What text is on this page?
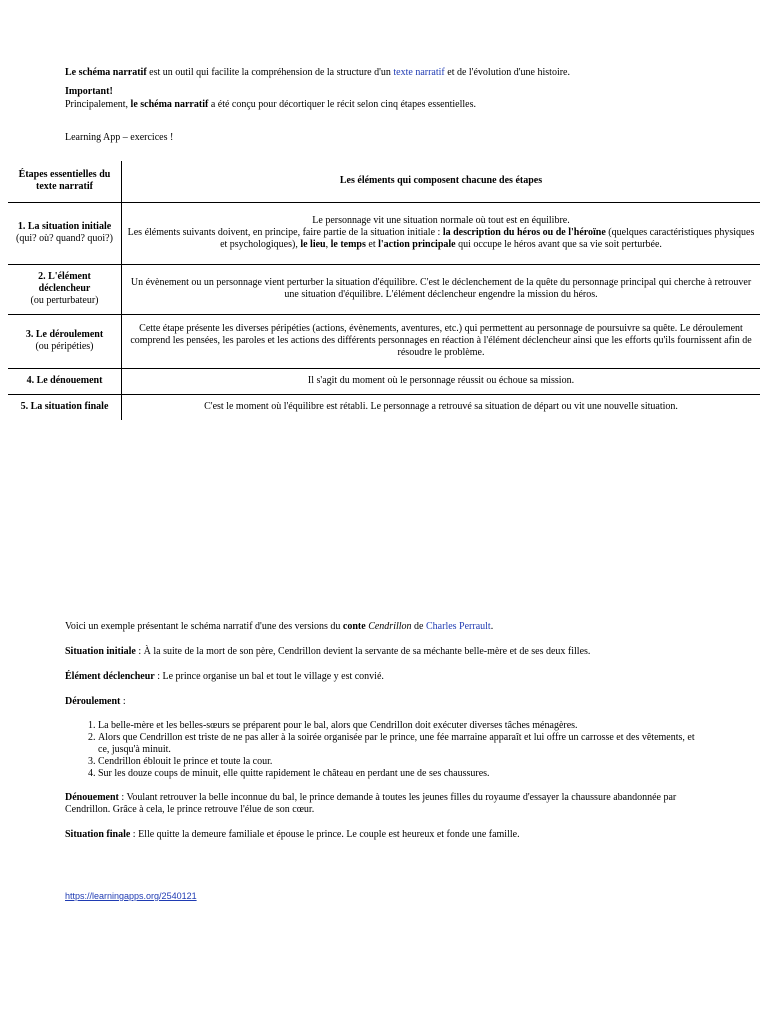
Le schéma narratif est un outil qui facilite la compréhension de la structure d'un texte narratif et de l'évolution d'une histoire.

Important!

Principalement, le schéma narratif a été conçu pour décortiquer le récit selon cinq étapes essentielles.

Learning App – exercices !

Étapes essentielles du texte narratif	Les éléments qui composent chacune des étapes

1. La situation initiale
(qui? où? quand? quoi?)	Le personnage vit une situation normale où tout est en équilibre.
Les éléments suivants doivent, en principe, faire partie de la situation initiale : la description du héros ou de l'héroïne (quelques caractéristiques physiques et psychologiques), le lieu, le temps et l'action principale qui occupe le héros avant que sa vie soit perturbée.

2. L'élément déclencheur
(ou perturbateur)	Un évènement ou un personnage vient perturber la situation d'équilibre. C'est le déclenchement de la quête du personnage principal qui cherche à retrouver une situation d'équilibre. L'élément déclencheur engendre la mission du héros.

3. Le déroulement
(ou péripéties)	Cette étape présente les diverses péripéties (actions, évènements, aventures, etc.) qui permettent au personnage de poursuivre sa quête. Le déroulement comprend les pensées, les paroles et les actions des différents personnages en réaction à l'élément déclencheur ainsi que les efforts qu'ils fournissent afin de résoudre le problème.

4. Le dénouement	Il s'agit du moment où le personnage réussit ou échoue sa mission.

5. La situation finale	C'est le moment où l'équilibre est rétabli. Le personnage a retrouvé sa situation de départ ou vit une nouvelle situation.

Voici un exemple présentant le schéma narratif d'une des versions du conte Cendrillon de Charles Perrault.

Situation initiale : À la suite de la mort de son père, Cendrillon devient la servante de sa méchante belle-mère et de ses deux filles.

Élément déclencheur : Le prince organise un bal et tout le village y est convié.

Déroulement :

1. La belle-mère et les belles-sœurs se préparent pour le bal, alors que Cendrillon doit exécuter diverses tâches ménagères.
2. Alors que Cendrillon est triste de ne pas aller à la soirée organisée par le prince, une fée marraine apparaît et lui offre un carrosse et des vêtements, et ce, jusqu'à minuit.
3. Cendrillon éblouit le prince et toute la cour.
4. Sur les douze coups de minuit, elle quitte rapidement le château en perdant une de ses chaussures.

Dénouement : Voulant retrouver la belle inconnue du bal, le prince demande à toutes les jeunes filles du royaume d'essayer la chaussure abandonnée par Cendrillon. Grâce à cela, le prince retrouve l'élue de son cœur.

Situation finale : Elle quitte la demeure familiale et épouse le prince. Le couple est heureux et fonde une famille.

https://learningapps.org/2540121
